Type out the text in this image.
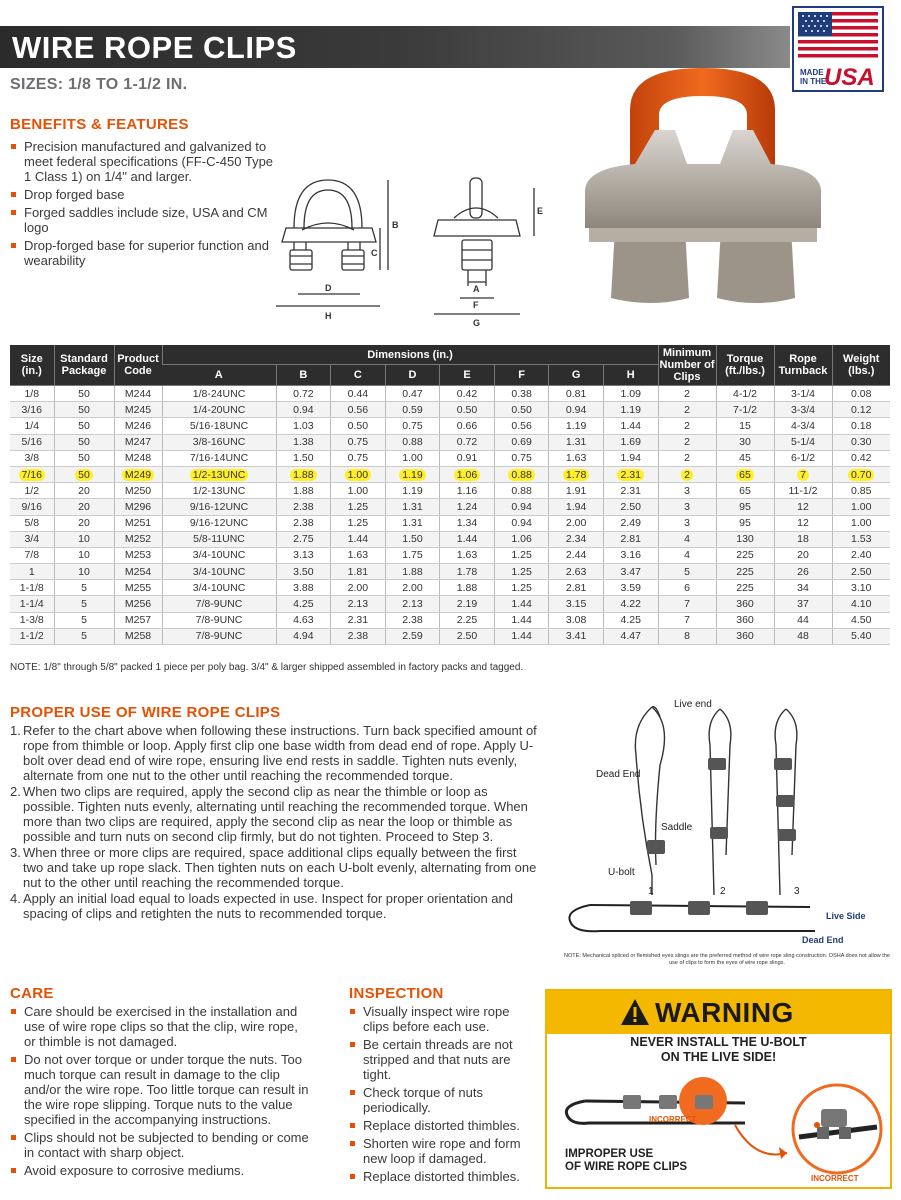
WIRE ROPE CLIPS
SIZES: 1/8 TO 1-1/2 IN.
MADE
IN THE
USA
BENEFITS & FEATURES
Precision manufactured and galvanized to meet federal specifications (FF-C-450 Type 1 Class 1) on 1/4" and larger.
Drop forged base
Forged saddles include size, USA and CM logo
Drop-forged base for superior function and wearability
B
C
D
H
E
A
F
G
Size (in.)	Standard Package	Product Code	Dimensions (in.)								Minimum Number of Clips	Torque (ft./lbs.)	Rope Turnback	Weight (lbs.)
			A	B	C	D	E	F	G	H				
1/8	50	M244	1/8-24UNC	0.72	0.44	0.47	0.42	0.38	0.81	1.09	2	4-1/2	3-1/4	0.08
3/16	50	M245	1/4-20UNC	0.94	0.56	0.59	0.50	0.50	0.94	1.19	2	7-1/2	3-3/4	0.12
1/4	50	M246	5/16-18UNC	1.03	0.50	0.75	0.66	0.56	1.19	1.44	2	15	4-3/4	0.18
5/16	50	M247	3/8-16UNC	1.38	0.75	0.88	0.72	0.69	1.31	1.69	2	30	5-1/4	0.30
3/8	50	M248	7/16-14UNC	1.50	0.75	1.00	0.91	0.75	1.63	1.94	2	45	6-1/2	0.42
7/16	50	M249	1/2-13UNC	1.88	1.00	1.19	1.06	0.88	1.78	2.31	2	65	7	0.70
1/2	20	M250	1/2-13UNC	1.88	1.00	1.19	1.16	0.88	1.91	2.31	3	65	11-1/2	0.85
9/16	20	M296	9/16-12UNC	2.38	1.25	1.31	1.24	0.94	1.94	2.50	3	95	12	1.00
5/8	20	M251	9/16-12UNC	2.38	1.25	1.31	1.34	0.94	2.00	2.49	3	95	12	1.00
3/4	10	M252	5/8-11UNC	2.75	1.44	1.50	1.44	1.06	2.34	2.81	4	130	18	1.53
7/8	10	M253	3/4-10UNC	3.13	1.63	1.75	1.63	1.25	2.44	3.16	4	225	20	2.40
1	10	M254	3/4-10UNC	3.50	1.81	1.88	1.78	1.25	2.63	3.47	5	225	26	2.50
1-1/8	5	M255	3/4-10UNC	3.88	2.00	2.00	1.88	1.25	2.81	3.59	6	225	34	3.10
1-1/4	5	M256	7/8-9UNC	4.25	2.13	2.13	2.19	1.44	3.15	4.22	7	360	37	4.10
1-3/8	5	M257	7/8-9UNC	4.63	2.31	2.38	2.25	1.44	3.08	4.25	7	360	44	4.50
1-1/2	5	M258	7/8-9UNC	4.94	2.38	2.59	2.50	1.44	3.41	4.47	8	360	48	5.40
NOTE: 1/8" through 5/8" packed 1 piece per poly bag. 3/4" & larger shipped assembled in factory packs and tagged.
PROPER USE OF WIRE ROPE CLIPS
1. Refer to the chart above when following these instructions. Turn back specified amount of rope from thimble or loop. Apply first clip one base width from dead end of rope. Apply U-bolt over dead end of wire rope, ensuring live end rests in saddle. Tighten nuts evenly, alternate from one nut to the other until reaching the recommended torque.
2. When two clips are required, apply the second clip as near the thimble or loop as possible. Tighten nuts evenly, alternating until reaching the recommended torque. When more than two clips are required, apply the second clip as near the loop or thimble as possible and turn nuts on second clip firmly, but do not tighten. Proceed to Step 3.
3. When three or more clips are required, space additional clips equally between the first two and take up rope slack. Then tighten nuts on each U-bolt evenly, alternating from one nut to the other until reaching the recommended torque.
4. Apply an initial load equal to loads expected in use. Inspect for proper orientation and spacing of clips and retighten the nuts to recommended torque.
Live end
Dead End
Saddle
U-bolt
1	2	3
Live Side
Dead End
NOTE: Mechanical spliced or flemished eyes slings are the preferred method of wire rope sling construction. OSHA does not allow the use of clips to form the eyes of wire rope slings.
CARE
Care should be exercised in the installation and use of wire rope clips so that the clip, wire rope, or thimble is not damaged.
Do not over torque or under torque the nuts. Too much torque can result in damage to the clip and/or the wire rope. Too little torque can result in the wire rope slipping. Torque nuts to the value specified in the accompanying instructions.
Clips should not be subjected to bending or come in contact with sharp object.
Avoid exposure to corrosive mediums.
INSPECTION
Visually inspect wire rope clips before each use.
Be certain threads are not stripped and that nuts are tight.
Check torque of nuts periodically.
Replace distorted thimbles.
Shorten wire rope and form new loop if damaged.
Replace distorted thimbles.
WARNING
NEVER INSTALL THE U-BOLT
ON THE LIVE SIDE!
INCORRECT
INCORRECT
IMPROPER USE
OF WIRE ROPE CLIPS
